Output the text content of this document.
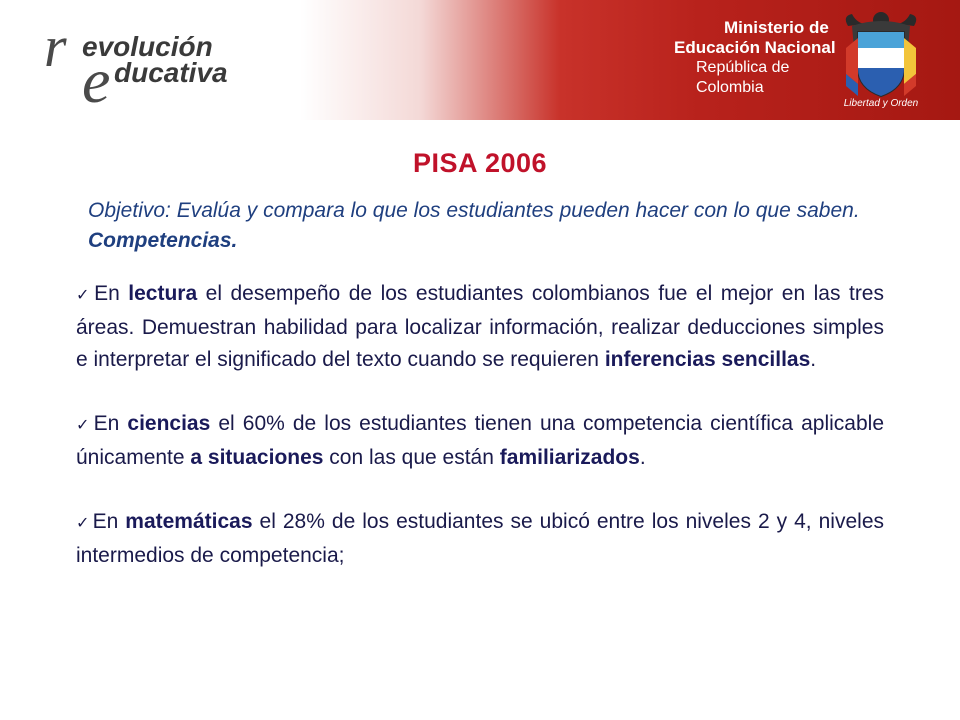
r e
evolución
ducativa
Ministerio de
Educación Nacional
República de Colombia
Libertad y Orden
PISA 2006
Objetivo: Evalúa y compara lo que los estudiantes pueden hacer con lo que saben. Competencias.

✓En lectura el desempeño de los estudiantes colombianos fue el mejor en las tres áreas. Demuestran habilidad para localizar información, realizar deducciones simples e interpretar el significado del texto cuando se requieren inferencias sencillas.

✓En ciencias el 60% de los estudiantes tienen una competencia científica aplicable únicamente a situaciones con las que están familiarizados.

✓En matemáticas el 28% de los estudiantes se ubicó entre los niveles 2 y 4, niveles intermedios de competencia;
